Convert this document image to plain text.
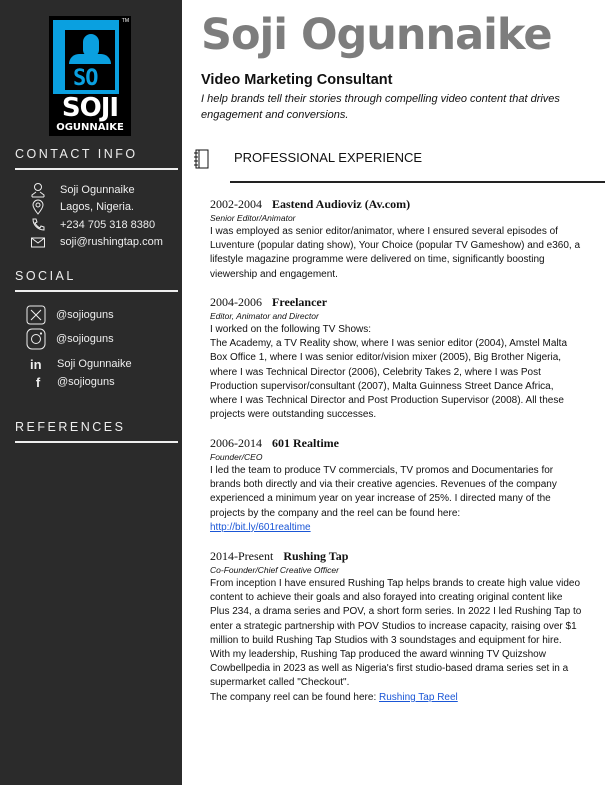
SO
TM
SOJI
OGUNNAIKE
CONTACT INFO
Soji Ogunnaike
Lagos, Nigeria.
+234 705 318 8380
soji@rushingtap.com
SOCIAL
@sojioguns
@sojioguns
in	Soji Ogunnaike
f	@sojioguns
REFERENCES
Soji Ogunnaike
Video Marketing Consultant
I help brands tell their stories through compelling video content that drives engagement and conversions.
PROFESSIONAL EXPERIENCE
2002-2004 Eastend Audioviz (Av.com)
Senior Editor/Animator
I was employed as senior editor/animator, where I ensured several episodes of Luventure (popular dating show), Your Choice (popular TV Gameshow) and e360, a lifestyle magazine programme were delivered on time, significantly boosting viewership and engagement.
2004-2006 Freelancer
Editor, Animator and Director
I worked on the following TV Shows:
The Academy, a TV Reality show, where I was senior editor (2004), Amstel Malta Box Office 1, where I was senior editor/vision mixer (2005), Big Brother Nigeria, where I was Technical Director (2006), Celebrity Takes 2, where I was Post Production supervisor/consultant (2007), Malta Guinness Street Dance Africa, where I was Technical Director and Post Production Supervisor (2008). All these projects were outstanding successes.
2006-2014 601 Realtime
Founder/CEO
I led the team to produce TV commercials, TV promos and Documentaries for brands both directly and via their creative agencies. Revenues of the company experienced a minimum year on year increase of 25%. I directed many of the projects by the company and the reel can be found here:
http://bit.ly/601realtime
2014-Present Rushing Tap
Co-Founder/Chief Creative Officer
From inception I have ensured Rushing Tap helps brands to create high value video content to achieve their goals and also forayed into creating original content like Plus 234, a drama series and POV, a short form series. In 2022 I led Rushing Tap to enter a strategic partnership with POV Studios to increase capacity, raising over $1 million to build Rushing Tap Studios with 3 soundstages and equipment for hire. With my leadership, Rushing Tap produced the award winning TV Quizshow Cowbellpedia in 2023 as well as Nigeria's first studio-based drama series set in a supermarket called "Checkout".
The company reel can be found here: Rushing Tap Reel
